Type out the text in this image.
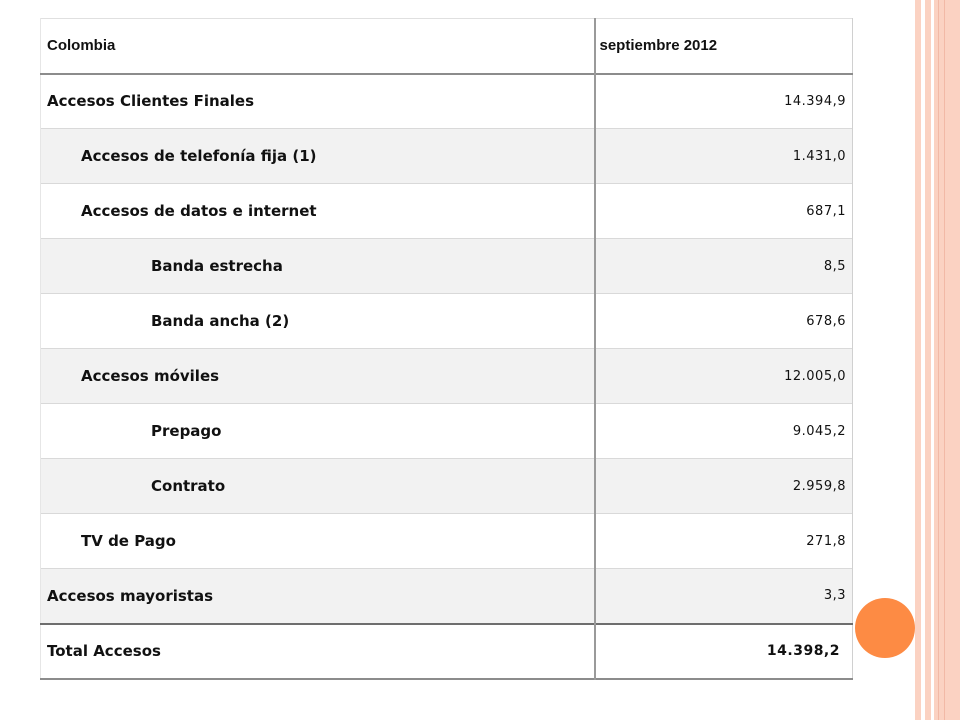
Colombia	septiembre 2012
Accesos Clientes Finales	14.394,9
Accesos de telefonía fija (1)	1.431,0
Accesos de datos e internet	687,1
Banda estrecha	8,5
Banda ancha (2)	678,6
Accesos móviles	12.005,0
Prepago	9.045,2
Contrato	2.959,8
TV de Pago	271,8
Accesos mayoristas	3,3
Total Accesos	14.398,2
